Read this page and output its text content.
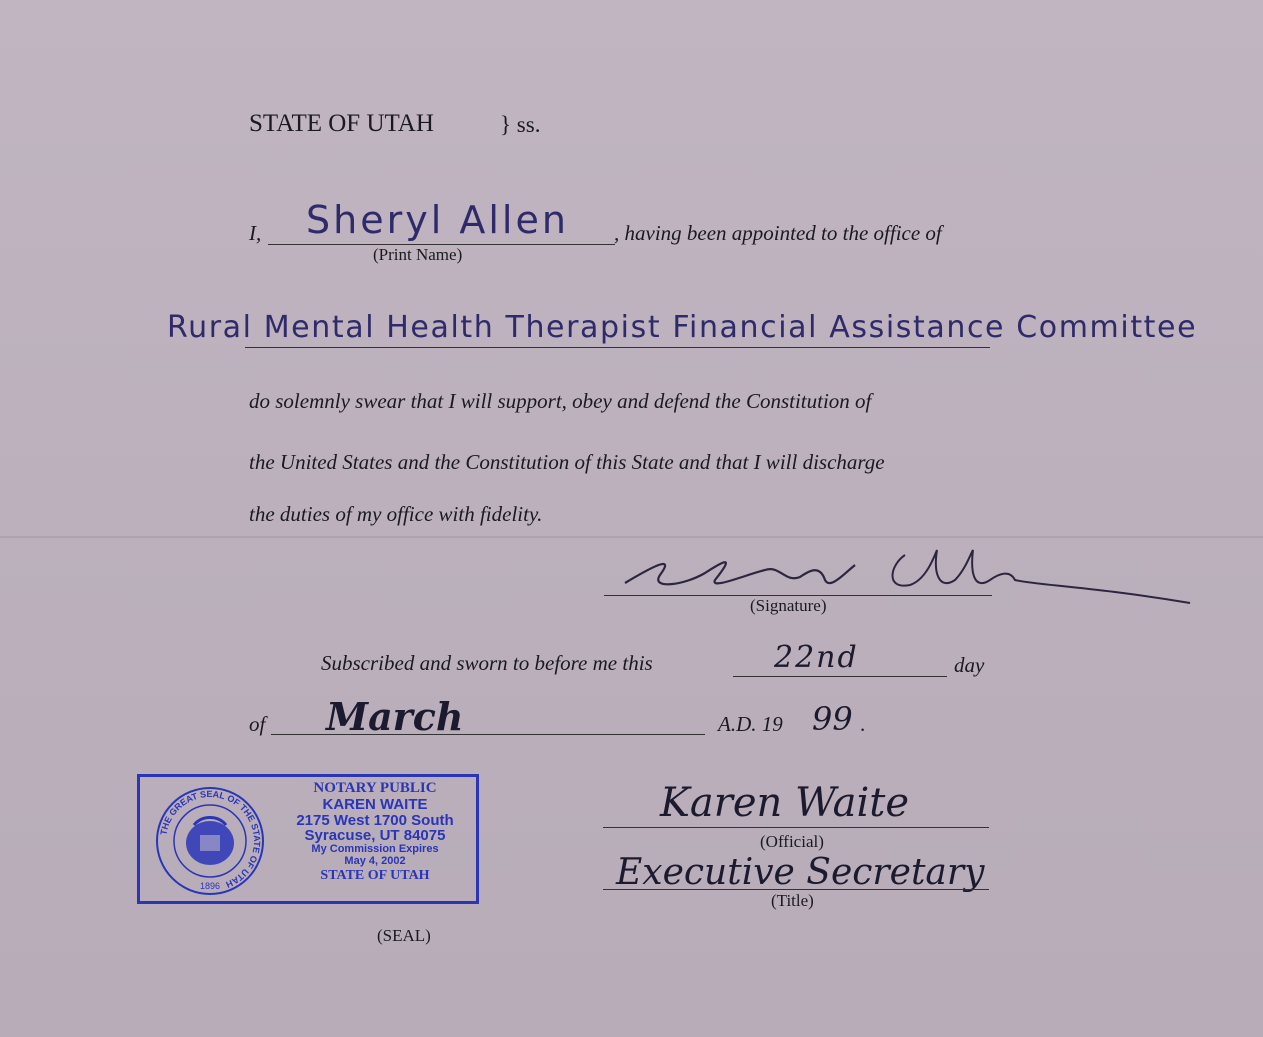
STATE OF UTAH	} ss.
I, Sheryl Allen
(Print Name)
, having been appointed to the office of
Rural Mental Health Therapist Financial Assistance Committee
do solemnly swear that I will support, obey and defend the Constitution of
the United States and the Constitution of this State and that I will discharge
the duties of my office with fidelity.
(Signature)
Subscribed and sworn to before me this	22nd	day
of March	A.D. 19 99 .
Karen Waite
(Official)
Executive Secretary
(Title)
THE GREAT SEAL OF THE STATE OF UTAH
1896
NOTARY PUBLIC
KAREN WAITE
2175 West 1700 South
Syracuse, UT 84075
My Commission Expires
May 4, 2002
STATE OF UTAH
(SEAL)
